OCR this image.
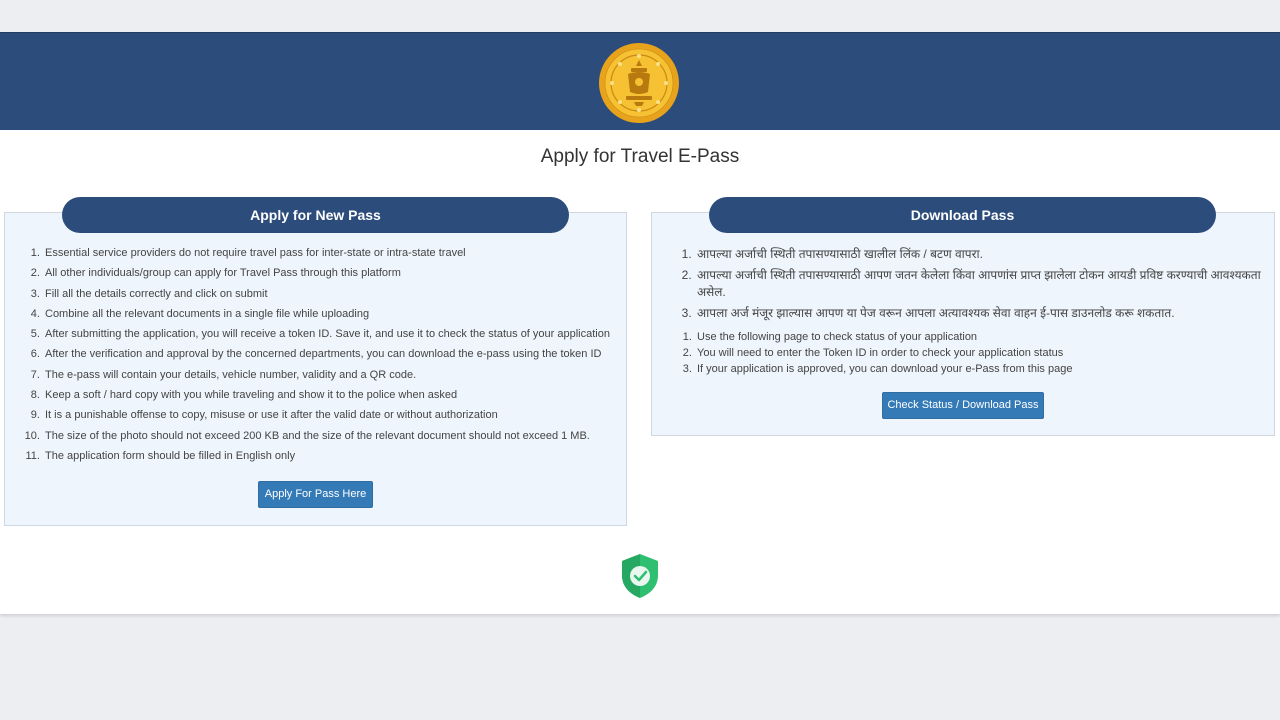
Apply for Travel E-Pass
Apply for New Pass	Download Pass
1. Essential service providers do not require travel pass for inter-state or intra-state travel
2. All other individuals/group can apply for Travel Pass through this platform
3. Fill all the details correctly and click on submit
4. Combine all the relevant documents in a single file while uploading
5. After submitting the application, you will receive a token ID. Save it, and use it to check the status of your application
6. After the verification and approval by the concerned departments, you can download the e-pass using the token ID
7. The e-pass will contain your details, vehicle number, validity and a QR code.
8. Keep a soft / hard copy with you while traveling and show it to the police when asked
9. It is a punishable offense to copy, misuse or use it after the valid date or without authorization
10. The size of the photo should not exceed 200 KB and the size of the relevant document should not exceed 1 MB.
11. The application form should be filled in English only
Apply For Pass Here
1. आपल्या अर्जाची स्थिती तपासण्यासाठी खालील लिंक / बटण वापरा.
2. आपल्या अर्जाची स्थिती तपासण्यासाठी आपण जतन केलेला किंवा आपणांस प्राप्त झालेला टोकन आयडी प्रविष्ट करण्याची आवश्यकता असेल.
3. आपला अर्ज मंजूर झाल्यास आपण या पेज वरून आपला अत्यावश्यक सेवा वाहन ई-पास डाउनलोड करू शकतात.
1. Use the following page to check status of your application
2. You will need to enter the Token ID in order to check your application status
3. If your application is approved, you can download your e-Pass from this page
Check Status / Download Pass
